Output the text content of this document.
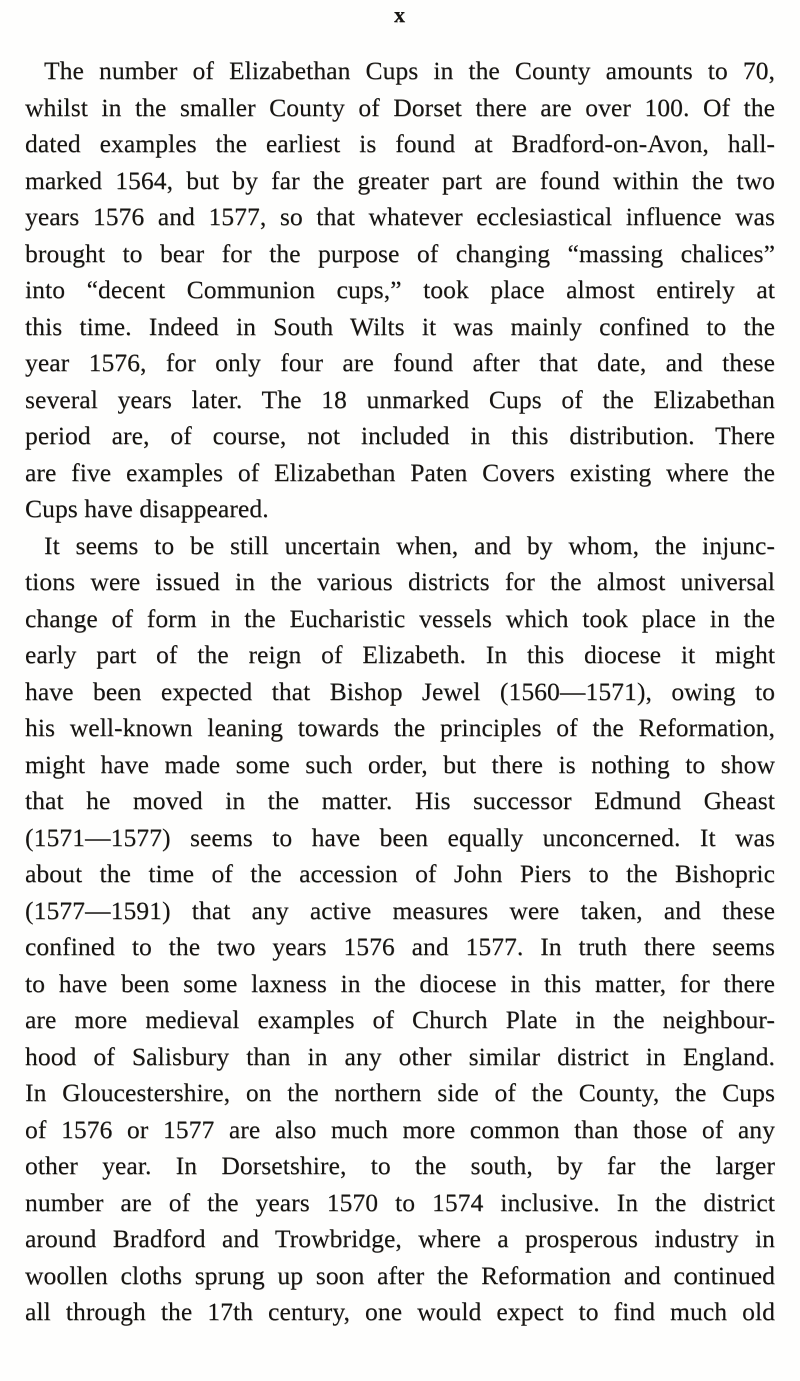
x
The number of Elizabethan Cups in the County amounts to 70,
whilst in the smaller County of Dorset there are over 100. Of the
dated examples the earliest is found at Bradford-on-Avon, hall-
marked 1564, but by far the greater part are found within the two
years 1576 and 1577, so that whatever ecclesiastical influence was
brought to bear for the purpose of changing “massing chalices”
into “decent Communion cups,” took place almost entirely at
this time. Indeed in South Wilts it was mainly confined to the
year 1576, for only four are found after that date, and these
several years later. The 18 unmarked Cups of the Elizabethan
period are, of course, not included in this distribution. There
are five examples of Elizabethan Paten Covers existing where the
Cups have disappeared.
It seems to be still uncertain when, and by whom, the injunc-
tions were issued in the various districts for the almost universal
change of form in the Eucharistic vessels which took place in the
early part of the reign of Elizabeth. In this diocese it might
have been expected that Bishop Jewel (1560—1571), owing to
his well-known leaning towards the principles of the Reformation,
might have made some such order, but there is nothing to show
that he moved in the matter. His successor Edmund Gheast
(1571—1577) seems to have been equally unconcerned. It was
about the time of the accession of John Piers to the Bishopric
(1577—1591) that any active measures were taken, and these
confined to the two years 1576 and 1577. In truth there seems
to have been some laxness in the diocese in this matter, for there
are more medieval examples of Church Plate in the neighbour-
hood of Salisbury than in any other similar district in England.
In Gloucestershire, on the northern side of the County, the Cups
of 1576 or 1577 are also much more common than those of any
other year. In Dorsetshire, to the south, by far the larger
number are of the years 1570 to 1574 inclusive. In the district
around Bradford and Trowbridge, where a prosperous industry in
woollen cloths sprung up soon after the Reformation and continued
all through the 17th century, one would expect to find much old
